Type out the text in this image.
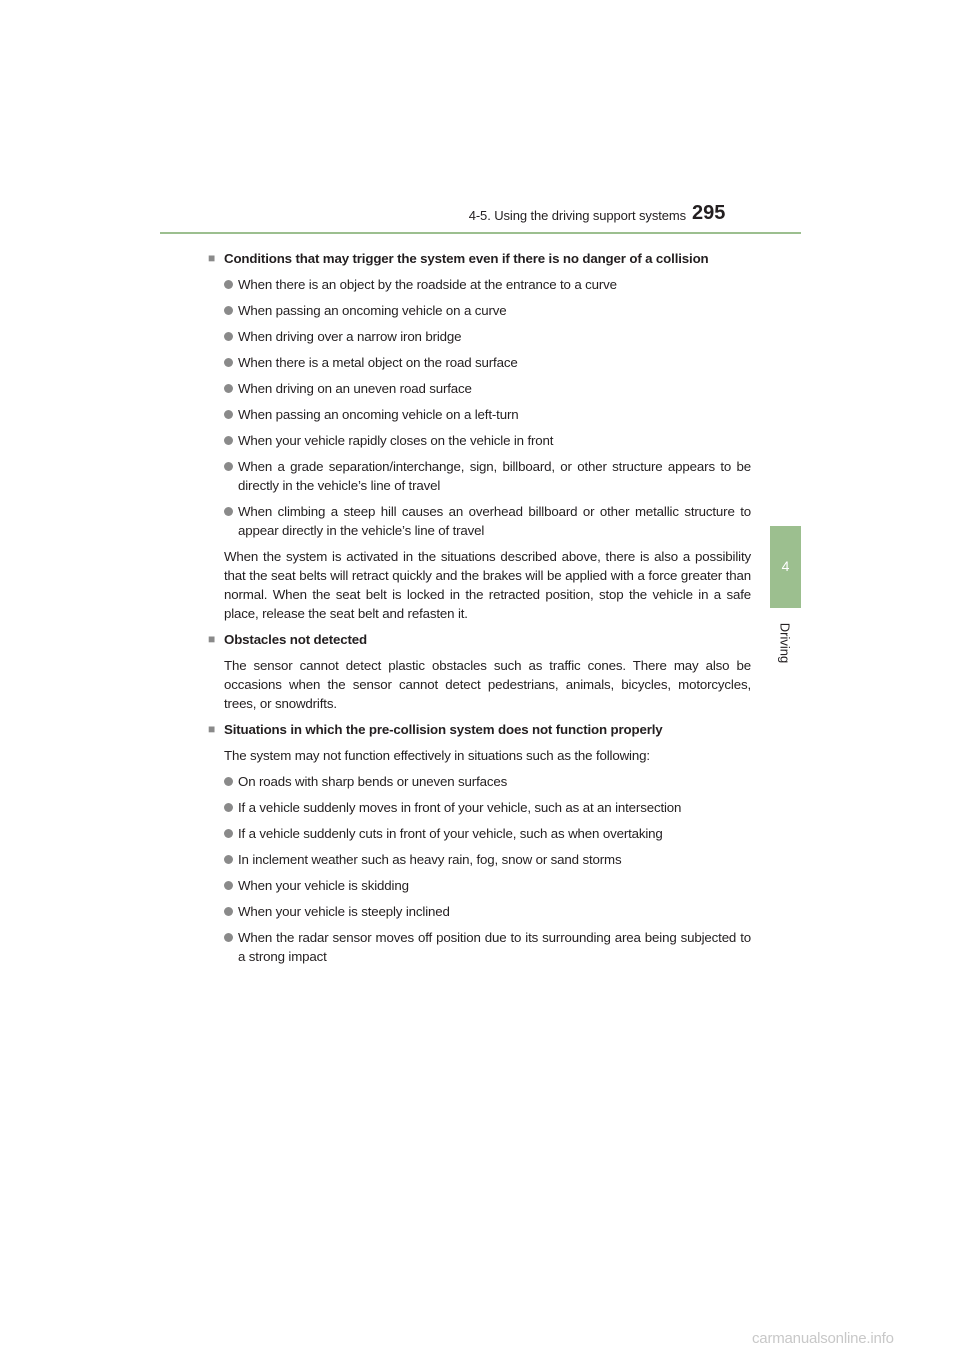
4-5. Using the driving support systems 295
4
Driving
■ Conditions that may trigger the system even if there is no danger of a collision
When there is an object by the roadside at the entrance to a curve
When passing an oncoming vehicle on a curve
When driving over a narrow iron bridge
When there is a metal object on the road surface
When driving on an uneven road surface
When passing an oncoming vehicle on a left-turn
When your vehicle rapidly closes on the vehicle in front
When a grade separation/interchange, sign, billboard, or other structure appears to be directly in the vehicle’s line of travel
When climbing a steep hill causes an overhead billboard or other metallic structure to appear directly in the vehicle’s line of travel
When the system is activated in the situations described above, there is also a possibility that the seat belts will retract quickly and the brakes will be applied with a force greater than normal. When the seat belt is locked in the retracted position, stop the vehicle in a safe place, release the seat belt and refasten it.
■ Obstacles not detected
The sensor cannot detect plastic obstacles such as traffic cones. There may also be occasions when the sensor cannot detect pedestrians, animals, bicycles, motorcycles, trees, or snowdrifts.
■ Situations in which the pre-collision system does not function properly
The system may not function effectively in situations such as the following:
On roads with sharp bends or uneven surfaces
If a vehicle suddenly moves in front of your vehicle, such as at an intersection
If a vehicle suddenly cuts in front of your vehicle, such as when overtaking
In inclement weather such as heavy rain, fog, snow or sand storms
When your vehicle is skidding
When your vehicle is steeply inclined
When the radar sensor moves off position due to its surrounding area being subjected to a strong impact
carmanualsonline.info
